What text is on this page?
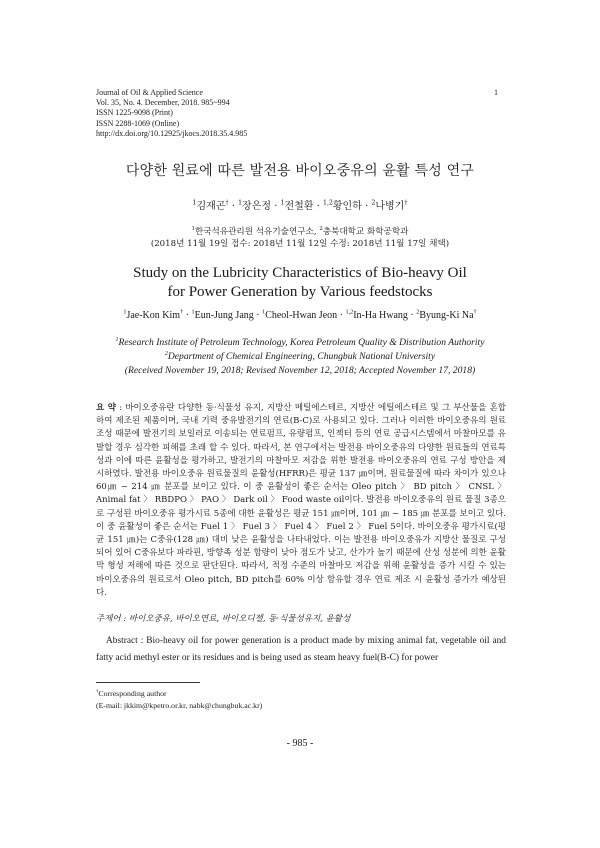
Journal of Oil & Applied Science
Vol. 35, No. 4. December, 2018. 985~994
ISSN 1225-9098 (Print)
ISSN 2288-1069 (Online)
http://dx.doi.org/10.12925/jkocs.2018.35.4.985
1
다양한 원료에 따른 발전용 바이오중유의 윤활 특성 연구
$^1$김재곤† · $^1$장은정 · $^1$전철환 · $^{1,2}$황인하 · $^2$나병기†
$^1$한국석유관리원 석유기술연구소, $^2$충북대학교 화학공학과
(2018년 11월 19일 접수: 2018년 11월 12일 수정: 2018년 11월 17일 채택)
Study on the Lubricity Characteristics of Bio-heavy Oil
for Power Generation by Various feedstocks
$^1$Jae-Kon Kim† · $^1$Eun-Jung Jang · $^1$Cheol-Hwan Jeon · $^{1,2}$In-Ha Hwang · $^2$Byung-Ki Na†
$^1$Research Institute of Petroleum Technology, Korea Petroleum Quality & Distribution Authority
$^2$Department of Chemical Engineering, Chungbuk National University
(Received November 19, 2018; Revised November 12, 2018; Accepted November 17, 2018)
요 약 : 바이오중유란 다양한 동·식물성 유지, 지방산 메틸에스테르, 지방산 에틸에스테르 및 그 부산물을 혼합하여 제조된 제품이며, 국내 기력 중유발전기의 연료(B-C)로 사용되고 있다. 그러나 이러한 바이오중유의 원료 조성 때문에 발전기의 보일러로 이송되는 연료펌프, 유량펌프, 인젝터 등의 연료 공급시스템에서 마찰마모를 유발할 경우 심각한 피해를 초래 할 수 있다. 따라서, 본 연구에서는 발전용 바이오중유의 다양한 원료들의 연료특성과 이에 따른 윤활성을 평가하고, 발전기의 마찰마모 저감을 위한 발전용 바이오중유의 연료 구성 방안을 제시하였다. 발전용 바이오중유 원료물질의 윤활성(HFRR)은 평균 137 ㎛이며, 원료물질에 따라 차이가 있으나 60㎛ ~ 214 ㎛ 분포를 보이고 있다. 이 중 윤활성이 좋은 순서는 Oleo pitch 〉 BD pitch 〉 CNSL 〉 Animal fat 〉 RBDPO 〉 PAO 〉 Dark oil 〉 Food waste oil이다. 발전용 바이오중유의 원료 물질 3종으로 구성된 바이오중유 평가시료 5종에 대한 윤활성은 평균 151 ㎛이며, 101 ㎛ ~ 185 ㎛ 분포를 보이고 있다. 이 중 윤활성이 좋은 순서는 Fuel 1 〉 Fuel 3 〉 Fuel 4 〉 Fuel 2 〉 Fuel 5이다. 바이오중유 평가시료(평균 151 ㎛)는 C중유(128 ㎛) 대비 낮은 윤활성을 나타내었다. 이는 발전용 바이오중유가 지방산 물질로 구성되어 있어 C중유보다 파라핀, 방향족 성분 함량이 낮아 점도가 낮고, 산가가 높기 때문에 산성 성분에 의한 윤활막 형성 저해에 따른 것으로 판단된다. 따라서, 적정 수준의 마찰마모 저감을 위해 윤활성을 증가 시킬 수 있는 바이오중유의 원료로서 Oleo pitch, BD pitch를 60% 이상 함유할 경우 연료 제조 시 윤활성 증가가 예상된다.
주제어 : 바이오중유, 바이오연료, 바이오디젤, 동·식물성유지, 윤활성
Abstract : Bio-heavy oil for power generation is a product made by mixing animal fat, vegetable oil and fatty acid methyl ester or its residues and is being used as steam heavy fuel(B-C) for power
†Corresponding author
(E-mail: jkkim@kpetro.or.kr, nabk@chungbuk.ac.kr)
- 985 -
